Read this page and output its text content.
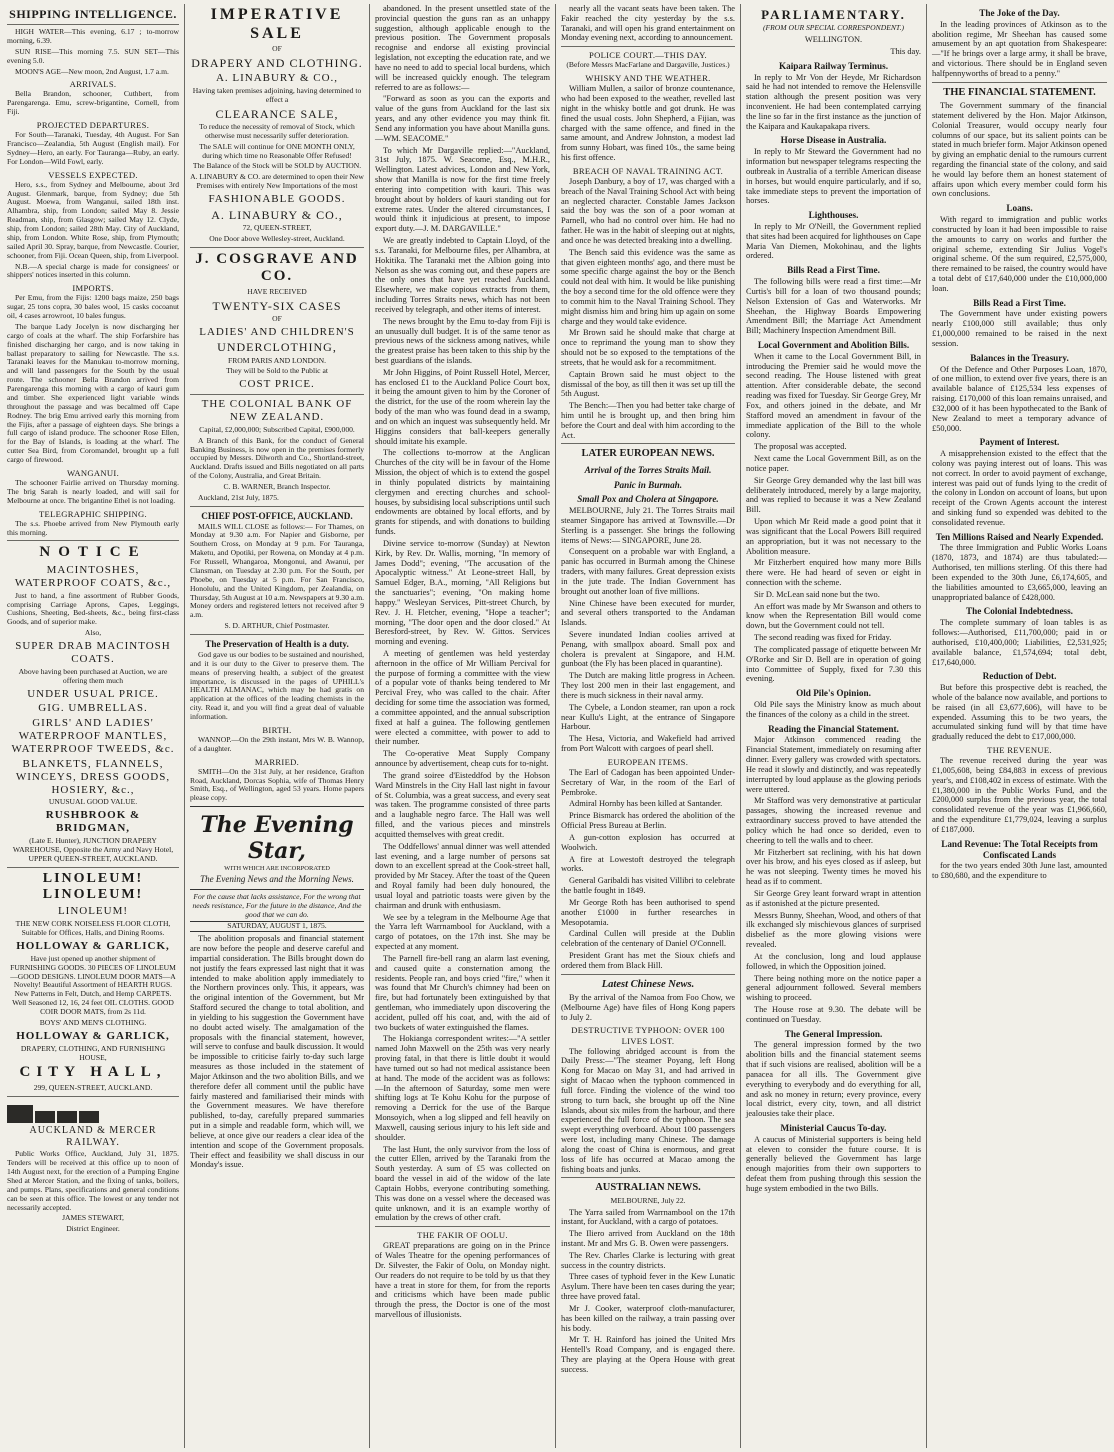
SHIPPING INTELLIGENCE.

HIGH WATER—This evening, 6.17 ; to-morrow morning, 6.39.

SUN RISE—This morning 7.5. SUN SET—This evening 5.0.

MOON'S AGE—New moon, 2nd August, 1.7 a.m.

ARRIVALS.

Bella Brandon, schooner, Cuthbert, from Parengarenga. Emu, screw-brigantine, Cornell, from Fiji.

PROJECTED DEPARTURES.

For South—Taranaki, Tuesday, 4th August. For San Francisco—Zealandia, 5th August (English mail). For Sydney—Hero, an early. For Tauranga—Ruby, an early. For London—Wild Fowl, early.

VESSELS EXPECTED.

Hero, s.s., from Sydney and Melbourne, about 3rd August. Glenmark, barque, from Sydney; due 5th August. Moewa, from Wanganui, sailed 18th inst. Alhambra, ship, from London; sailed May 8. Jessie Readman, ship, from Glasgow; sailed May 12. Clyde, ship, from London; sailed 28th May. City of Auckland, ship, from London. White Rose, ship, from Plymouth; sailed April 30. Spray, barque, from Newcastle. Courier, schooner, from Fiji. Ocean Queen, ship, from Liverpool.

N.B.—A special charge is made for consignees' or shippers' notices inserted in this column.

IMPORTS.

Per Emu, from the Fijis: 1200 bags maize, 250 bags sugar, 25 tons copra, 30 bales wool, 15 casks cocoanut oil, 4 cases arrowroot, 10 bales fungus.

The barque Lady Jocelyn is now discharging her cargo of coals at the wharf. The ship Forfarshire has finished discharging her cargo, and is now taking in ballast preparatory to sailing for Newcastle. The s.s. Taranaki leaves for the Manukau to-morrow morning, and will land passengers for the South by the usual route. The schooner Bella Brandon arrived from Parengarenga this morning with a cargo of kauri gum and timber. She experienced light variable winds throughout the passage and was becalmed off Cape Rodney. The brig Emu arrived early this morning from the Fijis, after a passage of eighteen days. She brings a full cargo of island produce. The schooner Rose Ellen, for the Bay of Islands, is loading at the wharf. The cutter Sea Bird, from Coromandel, brought up a full cargo of firewood.

WANGANUI.

The schooner Fairlie arrived on Thursday morning. The brig Sarah is nearly loaded, and will sail for Melbourne at once. The brigantine Ethel is not loading.

TELEGRAPHIC SHIPPING.

The s.s. Phoebe arrived from New Plymouth early this morning.

NOTICE
MACINTOSHES, WATERPROOF COATS, &c.,

Just to hand, a fine assortment of Rubber Goods, comprising Carriage Aprons, Capes, Leggings, Cushions, Sheeting, Bed-sheets, &c., being first-class Goods, and of superior make.

Also,

SUPER DRAB MACINTOSH COATS.

Above having been purchased at Auction, we are offering them much

UNDER USUAL PRICE.
GIG. UMBRELLAS.
GIRLS' AND LADIES' WATERPROOF MANTLES, WATERPROOF TWEEDS, &c.
BLANKETS, FLANNELS, WINCEYS, DRESS GOODS, HOSIERY, &c.,

UNUSUAL GOOD VALUE.

RUSHBROOK & BRIDGMAN,

(Late E. Hunter), JUNCTION DRAPERY WAREHOUSE, Opposite the Army and Navy Hotel, UPPER QUEEN-STREET, AUCKLAND.

LINOLEUM! LINOLEUM!
LINOLEUM!

THE NEW CORK NOISELESS FLOOR CLOTH, Suitable for Offices, Halls, and Dining Rooms.

HOLLOWAY & GARLICK,

Have just opened up another shipment of FURNISHING GOODS. 30 PIECES OF LINOLEUM—GOOD DESIGNS. LINOLEUM DOOR MATS—A Novelty! Beautiful Assortment of HEARTH RUGS. New Patterns in Felt, Dutch, and Hemp CARPETS. Well Seasoned 12, 16, 24 feet OIL CLOTHS. GOOD COIR DOOR MATS, from 2s 11d.

BOYS' AND MEN'S CLOTHING.

HOLLOWAY & GARLICK,

DRAPERY, CLOTHING, AND FURNISHING HOUSE,

CITY HALL,

299, QUEEN-STREET, AUCKLAND.

AUCKLAND & MERCER RAILWAY.

Public Works Office, Auckland, July 31, 1875. Tenders will be received at this office up to noon of 14th August next, for the erection of a Pumping Engine Shed at Mercer Station, and the fixing of tanks, boilers, and pumps. Plans, specifications and general conditions can be seen at this office. The lowest or any tender not necessarily accepted.

JAMES STEWART,

District Engineer.

IMPERATIVE SALE

OF

DRAPERY AND CLOTHING.
A. LINABURY & CO.,

Having taken premises adjoining, having determined to effect a

CLEARANCE SALE,

To reduce the necessity of removal of Stock, which otherwise must necessarily suffer deterioration.

The SALE will continue for ONE MONTH ONLY, during which time no Reasonable Offer Refused!

The Balance of the Stock will be SOLD by AUCTION.

A. LINABURY & CO. are determined to open their New Premises with entirely New Importations of the most

FASHIONABLE GOODS.
A. LINABURY & CO.,

72, QUEEN-STREET,

One Door above Wellesley-street, Auckland.

J. COSGRAVE AND CO.

HAVE RECEIVED

TWENTY-SIX CASES

OF

LADIES' AND CHILDREN'S
UNDERCLOTHING,

FROM PARIS AND LONDON.

They will be Sold to the Public at

COST PRICE.
THE COLONIAL BANK OF NEW ZEALAND.

Capital, £2,000,000; Subscribed Capital, £900,000.

A Branch of this Bank, for the conduct of General Banking Business, is now open in the premises formerly occupied by Messrs. Dilworth and Co., Shortland-street, Auckland. Drafts issued and Bills negotiated on all parts of the Colony, Australia, and Great Britain.

C. B. WARNER, Branch Inspector.

Auckland, 21st July, 1875.

CHIEF POST-OFFICE, AUCKLAND.

MAILS WILL CLOSE as follows:— For Thames, on Monday at 9.30 a.m. For Napier and Gisborne, per Southern Cross, on Monday at 9 p.m. For Tauranga, Maketu, and Opotiki, per Rowena, on Monday at 4 p.m. For Russell, Whangaroa, Mongonui, and Awanui, per Clansman, on Tuesday at 2.30 p.m. For the South, per Phoebe, on Tuesday at 5 p.m. For San Francisco, Honolulu, and the United Kingdom, per Zealandia, on Thursday, 5th August at 10 a.m. Newspapers at 9.30 a.m. Money orders and registered letters not received after 9 a.m.

S. D. ARTHUR, Chief Postmaster.

The Preservation of Health is a duty.

God gave us our bodies to be sustained and nourished, and it is our duty to the Giver to preserve them. The means of preserving health, a subject of the greatest importance, is discussed in the pages of UPHILL's HEALTH ALMANAC, which may be had gratis on application at the offices of the leading chemists in the city. Read it, and you will find a great deal of valuable information.

BIRTH.

WANNOP.—On the 29th instant, Mrs W. B. Wannop, of a daughter.

MARRIED.

SMITH—On the 31st July, at her residence, Grafton Road, Auckland, Dorcas Sophia, wife of Thomas Henry Smith, Esq., of Wellington, aged 53 years. Home papers please copy.

The Evening Star,

WITH WHICH ARE INCORPORATED

The Evening News and the Morning News.

For the cause that lacks assistance, For the wrong that needs resistance, For the future in the distance, And the good that we can do.

SATURDAY, AUGUST 1, 1875.

The abolition proposals and financial statement are now before the people and deserve careful and impartial consideration. The Bills brought down do not justify the fears expressed last night that it was intended to make abolition apply immediately to the Northern provinces only. This, it appears, was the original intention of the Government, but Mr Stafford secured the change to total abolition, and in yielding to his suggestion the Government have no doubt acted wisely. The amalgamation of the proposals with the financial statement, however, will serve to confuse and baulk discussion. It would be impossible to criticise fairly to-day such large measures as those included in the statement of Major Atkinson and the two abolition Bills, and we therefore defer all comment until the public have fairly mastered and familiarised their minds with the Government measures. We have therefore published, to-day, carefully prepared summaries put in a simple and readable form, which will, we believe, at once give our readers a clear idea of the intention and scope of the Government proposals. Their effect and feasibility we shall discuss in our Monday's issue.

abandoned. In the present unsettled state of the provincial question the guns ran as an unhappy suggestion, although applicable enough to the previous position. The Government proposals recognise and endorse all existing provincial legislation, not excepting the education rate, and we have no need to add to special local burdens, which will be increased quickly enough. The telegram referred to are as follows:—

"Forward as soon as you can the exports and value of the guns from Auckland for the last six years, and any other evidence you may think fit. Send any information you have about Manilla guns.—WM. SEACOME."

To which Mr Dargaville replied:—"Auckland, 31st July, 1875. W. Seacome, Esq., M.H.R., Wellington. Latest advices, London and New York, show that Manilla is now for the first time freely entering into competition with kauri. This was brought about by holders of kauri standing out for extreme rates. Under the altered circumstances, I would think it injudicious at present, to impose export duty.—J. M. DARGAVILLE."

We are greatly indebted to Captain Lloyd, of the s.s. Taranaki, for Melbourne files, per Alhambra, at Hokitika. The Taranaki met the Albion going into Nelson as she was coming out, and these papers are the only ones that have yet reached Auckland. Elsewhere, we make copious extracts from them, including Torres Straits news, which has not been received by telegraph, and other items of interest.

The news brought by the Emu to-day from Fiji is an unusually dull budget. It is of the same tenor as previous news of the sickness among natives, while the greatest praise has been taken to this ship by the best guardians of the islands.

Mr John Higgins, of Point Russell Hotel, Mercer, has enclosed £1 to the Auckland Police Court box, it being the amount given to him by the Coroner of the district, for the use of the room wherein lay the body of the man who was found dead in a swamp, and on which an inquest was subsequently held. Mr Higgins considers that ball-keepers generally should imitate his example.

The collections to-morrow at the Anglican Churches of the city will be in favour of the Home Mission, the object of which is to extend the gospel in thinly populated districts by maintaining clergymen and erecting churches and school-houses, by subsidising local subscriptions until such endowments are obtained by local efforts, and by grants for stipends, and with donations to building funds.

Divine service to-morrow (Sunday) at Newton Kirk, by Rev. Dr. Wallis, morning, "In memory of James Dodd"; evening, "The accusation of the Apocalyptic witness." At Leone-street Hall, by Samuel Edger, B.A., morning, "All Religions but the sanctuaries"; evening, "On making home happy." Wesleyan Services, Pitt-street Church, by Rev. J. H. Fletcher, evening, "Hope a teacher"; morning, "The door open and the door closed." At Beresford-street, by Rev. W. Gittos. Services morning and evening.

A meeting of gentlemen was held yesterday afternoon in the office of Mr William Percival for the purpose of forming a committee with the view of a popular vote of thanks being tendered to Mr Percival Frey, who was called to the chair. After deciding for some time the association was formed, a committee appointed, and the annual subscription fixed at half a guinea. The following gentlemen were elected a committee, with power to add to their number.

The Co-operative Meat Supply Company announce by advertisement, cheap cuts for to-night.

The grand soiree d'Eisteddfod by the Hobson Ward Minstrels in the City Hall last night in favour of St. Columbia, was a great success, and every seat was taken. The programme consisted of three parts and a laughable negro farce. The Hall was well filled, and the various pieces and minstrels acquitted themselves with great credit.

The Oddfellows' annual dinner was well attended last evening, and a large number of persons sat down to an excellent spread at the Cook-street hall, provided by Mr Stacey. After the toast of the Queen and Royal family had been duly honoured, the usual loyal and patriotic toasts were given by the chairman and drunk with enthusiasm.

We see by a telegram in the Melbourne Age that the Yarra left Warrnambool for Auckland, with a cargo of potatoes, on the 17th inst. She may be expected at any moment.

The Parnell fire-bell rang an alarm last evening, and caused quite a consternation among the residents. People ran, and boys cried "fire," when it was found that Mr Church's chimney had been on fire, but had fortunately been extinguished by that gentleman, who immediately upon discovering the accident, pulled off his coat, and, with the aid of two buckets of water extinguished the flames.

The Hokianga correspondent writes:—"A settler named John Maxwell on the 25th was very nearly proving fatal, in that there is little doubt it would have turned out so had not medical assistance been at hand. The mode of the accident was as follows:—In the afternoon of Saturday, some men were shifting logs at Te Kohu Kohu for the purpose of removing a Derrick for the use of the Barque Monsoyich, when a log slipped and fell heavily on Maxwell, causing serious injury to his left side and shoulder.

The last Hunt, the only survivor from the loss of the cutter Ellen, arrived by the Taranaki from the South yesterday. A sum of £5 was collected on board the vessel in aid of the widow of the late Captain Hobbs, everyone contributing something. This was done on a vessel where the deceased was quite unknown, and it is an example worthy of emulation by the crews of other craft.

THE FAKIR OF OOLU.

GREAT preparations are going on in the Prince of Wales Theatre for the opening performances of Dr. Silvester, the Fakir of Oolu, on Monday night. Our readers do not require to be told by us that they have a treat in store for them, for from the reports and criticisms which have been made public through the press, the Doctor is one of the most marvellous of illusionists.

nearly all the vacant seats have been taken. The Fakir reached the city yesterday by the s.s. Taranaki, and will open his grand entertainment on Monday evening next, according to announcement.

POLICE COURT.—THIS DAY.

(Before Messrs MacFarlane and Dargaville, Justices.)

WHISKY AND THE WEATHER.

William Mullen, a sailor of bronze countenance, who had been exposed to the weather, revelled last night in the whisky bottle and got drunk. He was fined the usual costs. John Shepherd, a Fijian, was charged with the same offence, and fined in the same amount, and Andrew Johnston, a modest lad from sunny Hobart, was fined 10s., the same being his first offence.

BREACH OF NAVAL TRAINING ACT.

Joseph Danbury, a boy of 17, was charged with a breach of the Naval Training School Act with being an neglected character. Constable James Jackson said the boy was the son of a poor woman at Parnell, who had no control over him. He had no father. He was in the habit of sleeping out at nights, and once he was detected breaking into a dwelling.

The Bench said this evidence was the same as that given eighteen months' ago, and there must be some specific charge against the boy or the Bench could not deal with him. It would be like punishing the boy a second time for the old offence were they to commit him to the Naval Training School. They might dismiss him and bring him up again on some charge and they would take evidence.

Mr Brown said he should make that charge at once to reprimand the young man to show they should not be so exposed to the temptations of the streets, that he would ask for a recommitment.

Captain Brown said he must object to the dismissal of the boy, as till then it was set up till the 5th August.

The Bench:—Then you had better take charge of him until he is brought up, and then bring him before the Court and deal with him according to the Act.

LATER EUROPEAN NEWS.
Arrival of the Torres Straits Mail.
Panic in Burmah.
Small Pox and Cholera at Singapore.

MELBOURNE, July 21. The Torres Straits mail steamer Singapore has arrived at Townsville.—Dr Sterling is a passenger. She brings the following items of News:— SINGAPORE, June 28.

Consequent on a probable war with England, a panic has occurred in Burmah among the Chinese traders, with many failures. Great depression exists in the jute trade. The Indian Government has brought out another loan of five millions.

Nine Chinese have been executed for murder, and several others transported to the Andaman Islands.

Severe inundated Indian coolies arrived at Penang, with smallpox aboard. Small pox and cholera is prevalent at Singapore, and H.M. gunboat (the Fly has been placed in quarantine).

The Dutch are making little progress in Acheen. They lost 200 men in their last engagement, and there is much sickness in their naval army.

The Cybele, a London steamer, ran upon a rock near Kullu's Light, at the entrance of Singapore Harbour.

The Hesa, Victoria, and Wakefield had arrived from Port Walcott with cargoes of pearl shell.

EUROPEAN ITEMS.

The Earl of Cadogan has been appointed Under-Secretary of War, in the room of the Earl of Pembroke.

Admiral Hornby has been killed at Santander.

Prince Bismarck has ordered the abolition of the Official Press Bureau at Berlin.

A gun-cotton explosion has occurred at Woolwich.

A fire at Lowestoft destroyed the telegraph works.

General Garibaldi has visited Villibri to celebrate the battle fought in 1849.

Mr George Roth has been authorised to spend another £1000 in further researches in Mesopotamia.

Cardinal Cullen will preside at the Dublin celebration of the centenary of Daniel O'Connell.

President Grant has met the Sioux chiefs and ordered them from Black Hill.

Latest Chinese News.

By the arrival of the Namoa from Foo Chow, we (Melbourne Age) have files of Hong Kong papers to July 2.

DESTRUCTIVE TYPHOON: OVER 100 LIVES LOST.

The following abridged account is from the Daily Press:—"The steamer Poyang, left Hong Kong for Macao on May 31, and had arrived in sight of Macao when the typhoon commenced in full force. Finding the violence of the wind too strong to turn back, she brought up off the Nine Islands, about six miles from the harbour, and there experienced the full force of the typhoon. The sea swept everything overboard. About 100 passengers were lost, including many Chinese. The damage along the coast of China is enormous, and great loss of life has occurred at Macao among the fishing boats and junks.

AUSTRALIAN NEWS.

MELBOURNE, July 22.

The Yarra sailed from Warrnambool on the 17th instant, for Auckland, with a cargo of potatoes.

The Iliero arrived from Auckland on the 18th instant. Mr and Mrs G. B. Owen were passengers.

The Rev. Charles Clarke is lecturing with great success in the country districts.

Three cases of typhoid fever in the Kew Lunatic Asylum. There have been ten cases during the year; three have proved fatal.

Mr J. Cooker, waterproof cloth-manufacturer, has been killed on the railway, a train passing over his body.

Mr T. H. Rainford has joined the United Mrs Hentell's Road Company, and is engaged there. They are playing at the Opera House with great success.

PARLIAMENTARY.

(FROM OUR SPECIAL CORRESPONDENT.)

WELLINGTON.

This day.

Kaipara Railway Terminus.

In reply to Mr Von der Heyde, Mr Richardson said he had not intended to remove the Helensville station although the present position was very inconvenient. He had been contemplated carrying the line so far in the first instance as the junction of the Kaipara and Kaukapakapa rivers.

Horse Disease in Australia.

In reply to Mr Steward the Government had no information but newspaper telegrams respecting the outbreak in Australia of a terrible American disease in horses, but would enquire particularly, and if so, take immediate steps to prevent the importation of horses.

Lighthouses.

In reply to Mr O'Neill, the Government replied that sites had been acquired for lighthouses on Cape Maria Van Diemen, Mokohinau, and the lights ordered.

Bills Read a First Time.

The following bills were read a first time:—Mr Curtis's bill for a loan of two thousand pounds; Nelson Extension of Gas and Waterworks. Mr Sheehan, the Highway Boards Empowering Amendment Bill; the Marriage Act Amendment Bill; Machinery Inspection Amendment Bill.

Local Government and Abolition Bills.

When it came to the Local Government Bill, in introducing the Premier said he would move the second reading. The House listened with great attention. After considerable debate, the second reading was fixed for Tuesday. Sir George Grey, Mr Fox, and others joined in the debate, and Mr Stafford moved an amendment in favour of the immediate application of the Bill to the whole colony.

The proposal was accepted.

Next came the Local Government Bill, as on the notice paper.

Sir George Grey demanded why the last bill was deliberately introduced, merely by a large majority, and was replied to because it was a New Zealand Bill.

Upon which Mr Reid made a good point that it was significant that the Local Powers Bill required an appropriation, but it was not necessary to the Abolition measure.

Mr Fitzherbert enquired how many more Bills there were. He had heard of seven or eight in connection with the scheme.

Sir D. McLean said none but the two.

An effort was made by Mr Swanson and others to know when the Representation Bill would come down, but the Government could not tell.

The second reading was fixed for Friday.

The complicated passage of etiquette between Mr O'Rorke and Sir D. Bell are in operation of going into Committee of Supply, fixed for 7.30 this evening.

Old Pile's Opinion.

Old Pile says the Ministry know as much about the finances of the colony as a child in the street.

Reading the Financial Statement.

Major Atkinson commenced reading the Financial Statement, immediately on resuming after dinner. Every gallery was crowded with spectators. He read it slowly and distinctly, and was repeatedly interrupted by loud applause as the glowing periods were uttered.

Mr Stafford was very demonstrative at particular passages, showing the increased revenue and extraordinary success proved to have attended the policy which he had once so derided, even to cheering to tell the walls and to cheer.

Mr Fitzherbert sat reclining, with his hat down over his brow, and his eyes closed as if asleep, but he was not sleeping. Twenty times he moved his head as if to comment.

Sir George Grey leant forward wrapt in attention as if astonished at the picture presented.

Messrs Bunny, Sheehan, Wood, and others of that ilk exchanged sly mischievous glances of surprised disbelief as the more glowing visions were revealed.

At the conclusion, long and loud applause followed, in which the Opposition joined.

There being nothing more on the notice paper a general adjournment followed. Several members wishing to proceed.

The House rose at 9.30. The debate will be continued on Tuesday.

The General Impression.

The general impression formed by the two abolition bills and the financial statement seems that if such visions are realised, abolition will be a panacea for all ills. The Government give everything to everybody and do everything for all, and ask no money in return; every province, every local district, every city, town, and all district jealousies take their place.

Ministerial Caucus To-day.

A caucus of Ministerial supporters is being held at eleven to consider the future course. It is generally believed the Government has large enough majorities from their own supporters to defeat them from pushing through this session the huge system embodied in the two Bills.

The Joke of the Day.

In the leading provinces of Atkinson as to the abolition regime, Mr Sheehan has caused some amusement by an apt quotation from Shakespeare:—"If he brings over a large army, it shall be brave, and victorious. There should be in England seven halfpennyworths of bread to a penny."

THE FINANCIAL STATEMENT.

The Government summary of the financial statement delivered by the Hon. Major Atkinson, Colonial Treasurer, would occupy nearly four columns of our space, but its salient points can be stated in much briefer form. Major Atkinson opened by giving an emphatic denial to the rumours current regarding the financial state of the colony, and said he would lay before them an honest statement of affairs upon which every member could form his own conclusions.

Loans.

With regard to immigration and public works constructed by loan it had been impossible to raise the amounts to carry on works and further the original scheme, extending Sir Julius Vogel's original scheme. Of the sum required, £2,575,000, there remained to be raised, the country would have a total debt of £17,640,000 under the £10,000,000 loan.

Bills Read a First Time.

The Government have under existing powers nearly £100,000 still available; thus only £1,000,000 remained to be raised in the next session.

Balances in the Treasury.

Of the Defence and Other Purposes Loan, 1870, of one million, to extend over five years, there is an available balance of £125,534 less expenses of raising. £170,000 of this loan remains unraised, and £32,000 of it has been hypothecated to the Bank of New Zealand to meet a temporary advance of £50,000.

Payment of Interest.

A misapprehension existed to the effect that the colony was paying interest out of loans. This was not correct. In order to avoid payment of exchange, interest was paid out of funds lying to the credit of the colony in London on account of loans, but upon receipt of the Crown Agents account the interest and sinking fund so expended was debited to the consolidated revenue.

Ten Millions Raised and Nearly Expended.

The three Immigration and Public Works Loans (1870, 1873, and 1874) are thus tabulated:—Authorised, ten millions sterling. Of this there had been expended to the 30th June, £6,174,605, and the liabilities amounted to £3,665,000, leaving an unappropriated balance of £428,000.

The Colonial Indebtedness.

The complete summary of loan tables is as follows:—Authorised, £11,700,000; paid in or authorised, £10,400,000; Liabilities, £2,531,925; available balance, £1,574,694; total debt, £17,640,000.

Reduction of Debt.

But before this prospective debt is reached, the whole of the balance now available, and portions to be raised (in all £3,677,606), will have to be expended. Assuming this to be two years, the accumulated sinking fund will by that time have gradually reduced the debt to £17,000,000.

THE REVENUE.

The revenue received during the year was £1,005,608, being £84,883 in excess of previous year's, and £108,402 in excess of estimate. With the £1,380,000 in the Public Works Fund, and the £200,000 surplus from the previous year, the total consolidated revenue of the year was £1,966,660, and the expenditure £1,779,024, leaving a surplus of £187,000.

Land Revenue: The Total Receipts from Confiscated Lands

for the two years ended 30th June last, amounted to £80,680, and the expenditure to
